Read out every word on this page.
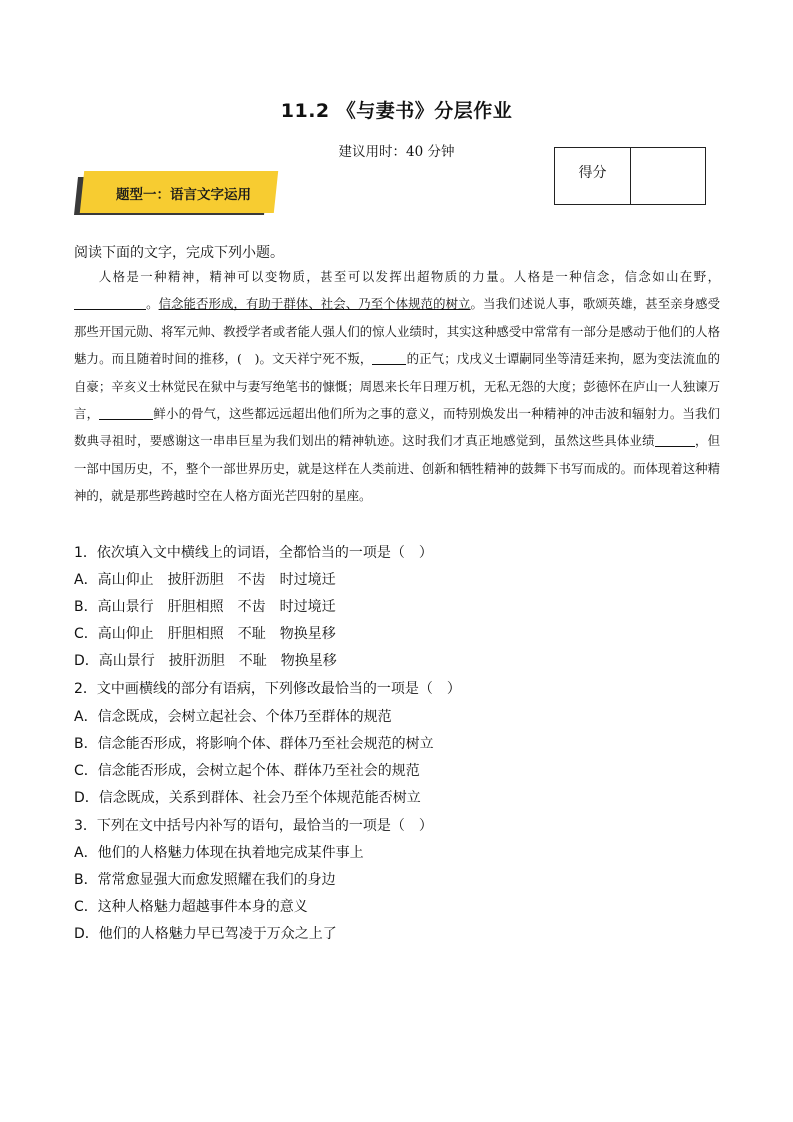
11.2 《与妻书》分层作业
建议用时：40 分钟
得分
题型一：语言文字运用
阅读下面的文字，完成下列小题。

人格是一种精神，精神可以变物质，甚至可以发挥出超物质的力量。人格是一种信念，信念如山在野，。信念能否形成，有助于群体、社会、乃至个体规范的树立。当我们述说人事，歌颂英雄，甚至亲身感受那些开国元勋、将军元帅、教授学者或者能人强人们的惊人业绩时，其实这种感受中常常有一部分是感动于他们的人格魅力。而且随着时间的推移，(　)。文天祥宁死不叛，	的正气；戊戌义士谭嗣同坐等清廷来拘，愿为变法流血的自豪；辛亥义士林觉民在狱中与妻写绝笔书的慷慨；周恩来长年日理万机，无私无怨的大度；彭德怀在庐山一人独谏万言，	鲜小的骨气，这些都远远超出他们所为之事的意义，而特别焕发出一种精神的冲击波和辐射力。当我们数典寻祖时，要感谢这一串串巨星为我们划出的精神轨迹。这时我们才真正地感觉到，虽然这些具体业绩	，但一部中国历史，不，整个一部世界历史，就是这样在人类前进、创新和牺牲精神的鼓舞下书写而成的。而体现着这种精神的，就是那些跨越时空在人格方面光芒四射的星座。

1．依次填入文中横线上的词语，全都恰当的一项是（　）
A．高山仰止　披肝沥胆　不齿　时过境迁
B．高山景行　肝胆相照　不齿　时过境迁
C．高山仰止　肝胆相照　不耻　物换星移
D．高山景行　披肝沥胆　不耻　物换星移
2．文中画横线的部分有语病，下列修改最恰当的一项是（　）
A．信念既成，会树立起社会、个体乃至群体的规范
B．信念能否形成，将影响个体、群体乃至社会规范的树立
C．信念能否形成，会树立起个体、群体乃至社会的规范
D．信念既成，关系到群体、社会乃至个体规范能否树立
3．下列在文中括号内补写的语句，最恰当的一项是（　）
A．他们的人格魅力体现在执着地完成某件事上
B．常常愈显强大而愈发照耀在我们的身边
C．这种人格魅力超越事件本身的意义
D．他们的人格魅力早已驾凌于万众之上了
